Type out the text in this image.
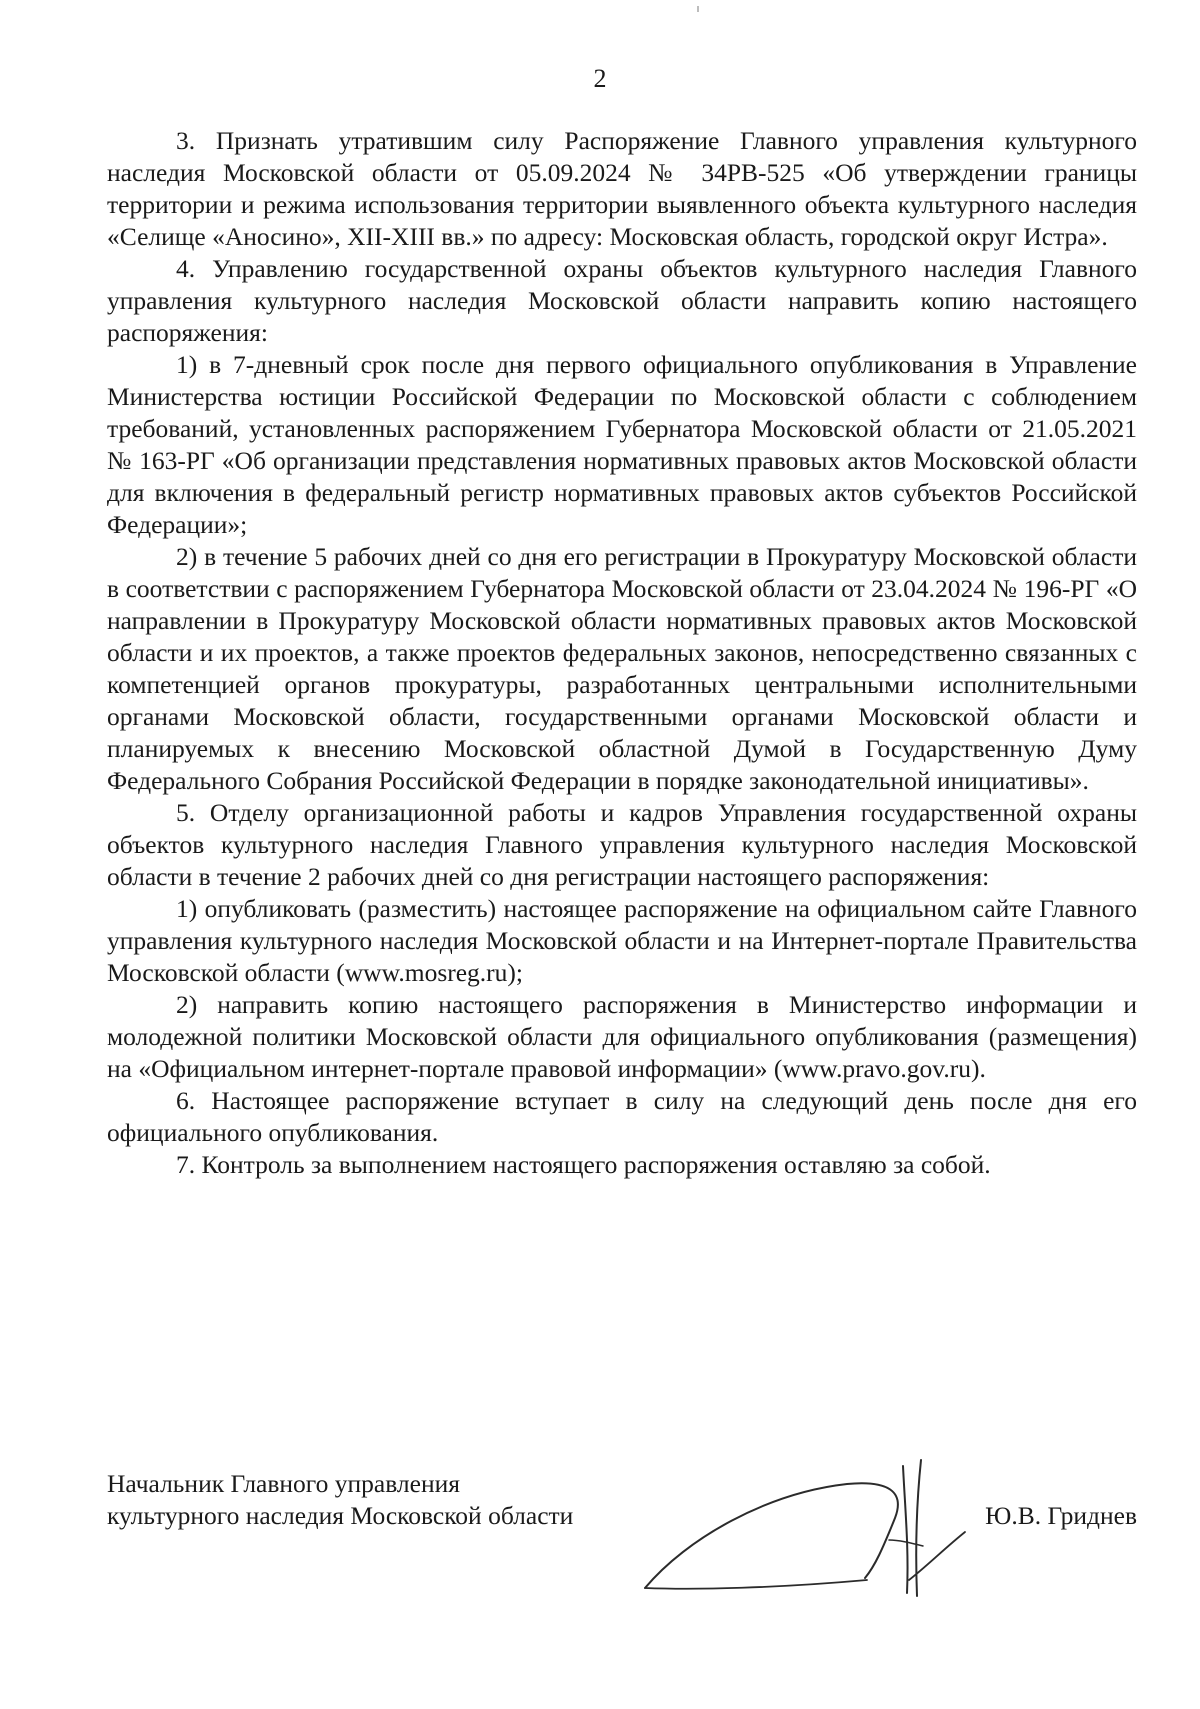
2

3. Признать утратившим силу Распоряжение Главного управления культурного наследия Московской области от 05.09.2024 № 34РВ-525 «Об утверждении границы территории и режима использования территории выявленного объекта культурного наследия «Селище «Аносино», XII-XIII вв.» по адресу: Московская область, городской округ Истра».

4. Управлению государственной охраны объектов культурного наследия Главного управления культурного наследия Московской области направить копию настоящего распоряжения:

1) в 7-дневный срок после дня первого официального опубликования в Управление Министерства юстиции Российской Федерации по Московской области с соблюдением требований, установленных распоряжением Губернатора Московской области от 21.05.2021 № 163-РГ «Об организации представления нормативных правовых актов Московской области для включения в федеральный регистр нормативных правовых актов субъектов Российской Федерации»;

2) в течение 5 рабочих дней со дня его регистрации в Прокуратуру Московской области в соответствии с распоряжением Губернатора Московской области от 23.04.2024 № 196-РГ «О направлении в Прокуратуру Московской области нормативных правовых актов Московской области и их проектов, а также проектов федеральных законов, непосредственно связанных с компетенцией органов прокуратуры, разработанных центральными исполнительными органами Московской области, государственными органами Московской области и планируемых к внесению Московской областной Думой в Государственную Думу Федерального Собрания Российской Федерации в порядке законодательной инициативы».

5. Отделу организационной работы и кадров Управления государственной охраны объектов культурного наследия Главного управления культурного наследия Московской области в течение 2 рабочих дней со дня регистрации настоящего распоряжения:

1) опубликовать (разместить) настоящее распоряжение на официальном сайте Главного управления культурного наследия Московской области и на Интернет-портале Правительства Московской области (www.mosreg.ru);

2) направить копию настоящего распоряжения в Министерство информации и молодежной политики Московской области для официального опубликования (размещения) на «Официальном интернет-портале правовой информации» (www.pravo.gov.ru).

6. Настоящее распоряжение вступает в силу на следующий день после дня его официального опубликования.

7. Контроль за выполнением настоящего распоряжения оставляю за собой.

Начальник Главного управления
культурного наследия Московской области	Ю.В. Гриднев
